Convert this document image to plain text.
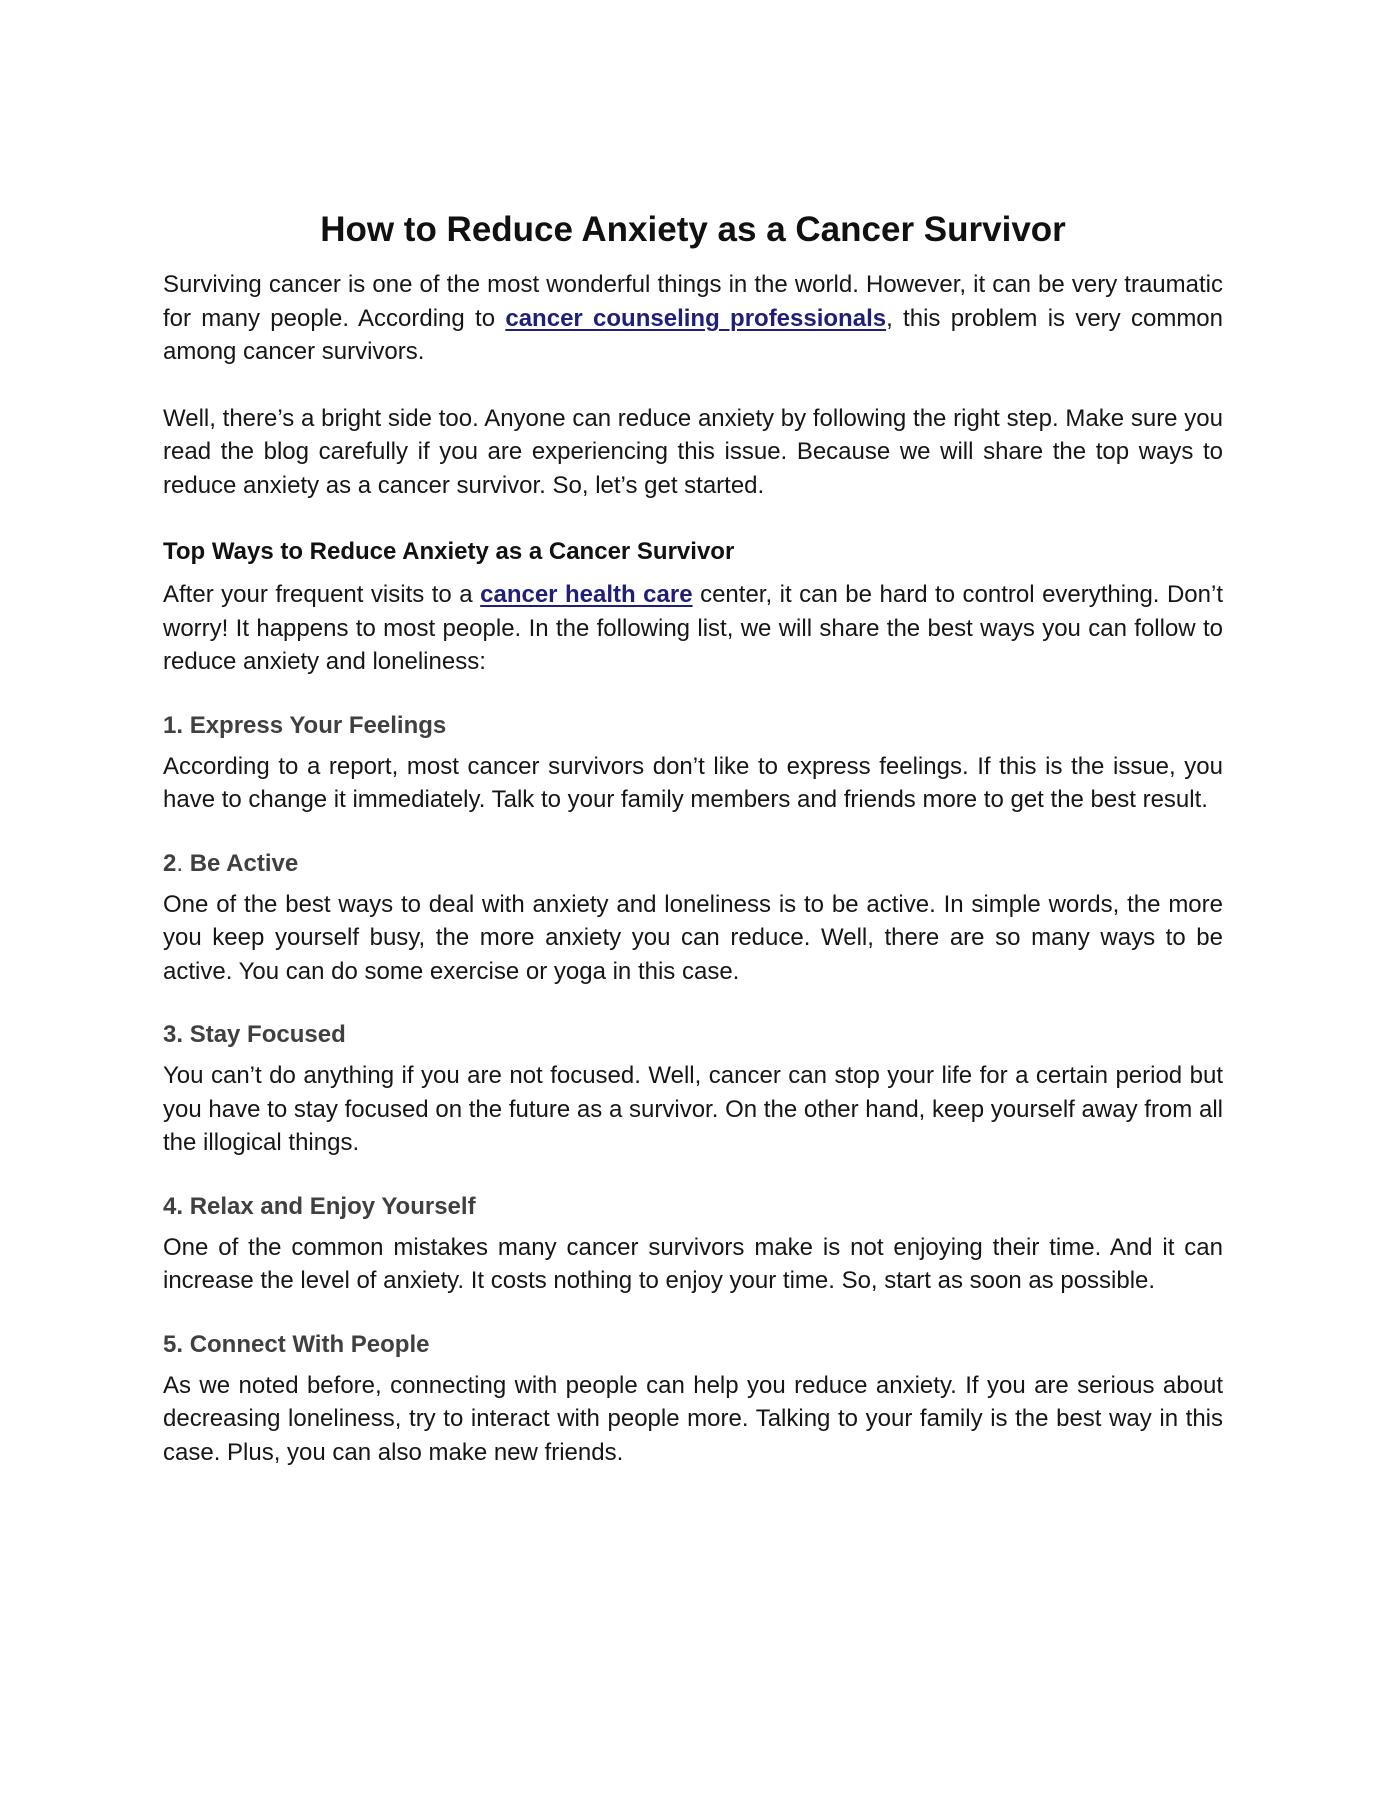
How to Reduce Anxiety as a Cancer Survivor

Surviving cancer is one of the most wonderful things in the world. However, it can be very traumatic for many people. According to cancer counseling professionals, this problem is very common among cancer survivors.

Well, there’s a bright side too. Anyone can reduce anxiety by following the right step. Make sure you read the blog carefully if you are experiencing this issue. Because we will share the top ways to reduce anxiety as a cancer survivor. So, let’s get started.

Top Ways to Reduce Anxiety as a Cancer Survivor

After your frequent visits to a cancer health care center, it can be hard to control everything. Don’t worry! It happens to most people. In the following list, we will share the best ways you can follow to reduce anxiety and loneliness:

1. Express Your Feelings

According to a report, most cancer survivors don’t like to express feelings. If this is the issue, you have to change it immediately. Talk to your family members and friends more to get the best result.

2. Be Active

One of the best ways to deal with anxiety and loneliness is to be active. In simple words, the more you keep yourself busy, the more anxiety you can reduce. Well, there are so many ways to be active. You can do some exercise or yoga in this case.

3. Stay Focused

You can’t do anything if you are not focused. Well, cancer can stop your life for a certain period but you have to stay focused on the future as a survivor. On the other hand, keep yourself away from all the illogical things.

4. Relax and Enjoy Yourself

One of the common mistakes many cancer survivors make is not enjoying their time. And it can increase the level of anxiety. It costs nothing to enjoy your time. So, start as soon as possible.

5. Connect With People

As we noted before, connecting with people can help you reduce anxiety. If you are serious about decreasing loneliness, try to interact with people more. Talking to your family is the best way in this case. Plus, you can also make new friends.
